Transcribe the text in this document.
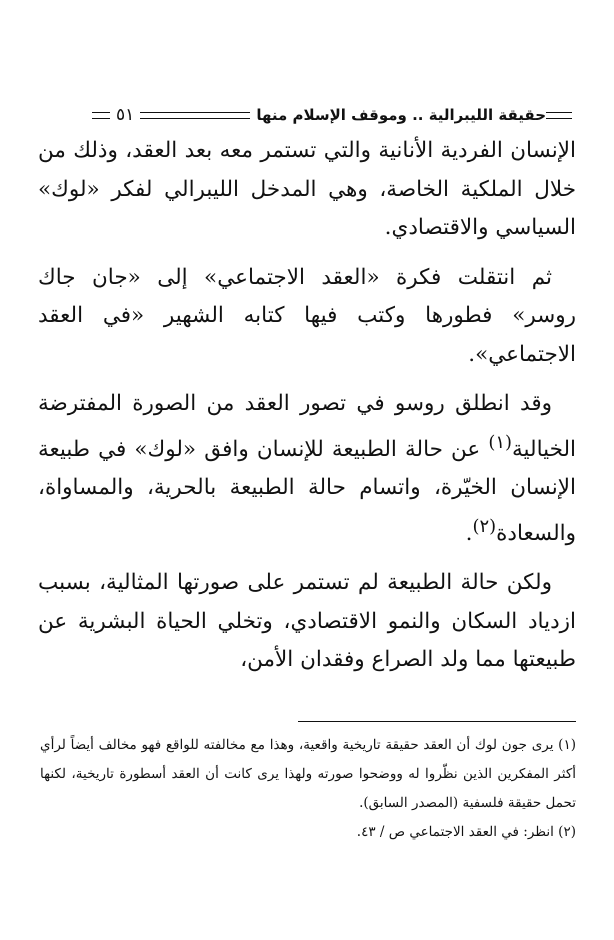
حقيقة الليبرالية .. وموقف الإسلام منها
٥١

الإنسان الفردية الأنانية والتي تستمر معه بعد العقد، وذلك من خلال الملكية الخاصة، وهي المدخل الليبرالي لفكر «لوك» السياسي والاقتصادي.

ثم انتقلت فكرة «العقد الاجتماعي» إلى «جان جاك روسر» فطورها وكتب فيها كتابه الشهير «في العقد الاجتماعي».

وقد انطلق روسو في تصور العقد من الصورة المفترضة الخيالية$^{(١)}$ عن حالة الطبيعة للإنسان وافق «لوك» في طبيعة الإنسان الخيّرة، واتسام حالة الطبيعة بالحرية، والمساواة، والسعادة$^{(٢)}$.

ولكن حالة الطبيعة لم تستمر على صورتها المثالية، بسبب ازدياد السكان والنمو الاقتصادي، وتخلي الحياة البشرية عن طبيعتها مما ولد الصراع وفقدان الأمن،

(١) يرى جون لوك أن العقد حقيقة تاريخية واقعية، وهذا مع مخالفته للواقع فهو مخالف أيضاً لرأي أكثر المفكرين الذين نظّروا له ووضحوا صورته ولهذا يرى كانت أن العقد أسطورة تاريخية، لكنها تحمل حقيقة فلسفية (المصدر السابق).

(٢) انظر: في العقد الاجتماعي ص / ٤٣.
